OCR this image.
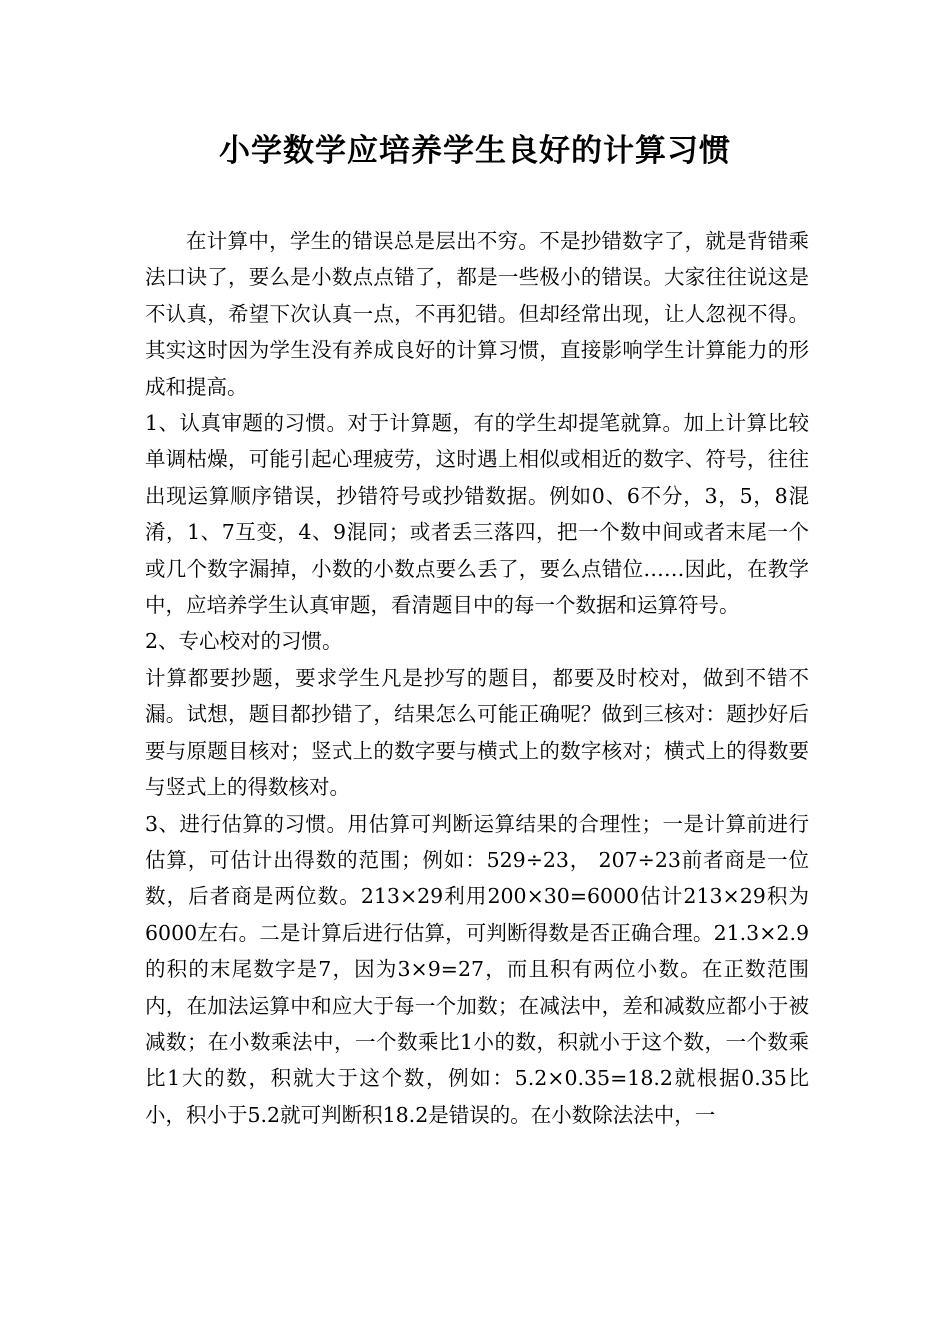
小学数学应培养学生良好的计算习惯

在计算中，学生的错误总是层出不穷。不是抄错数字了，就是背错乘法口诀了，要么是小数点点错了，都是一些极小的错误。大家往往说这是不认真，希望下次认真一点，不再犯错。但却经常出现，让人忽视不得。其实这时因为学生没有养成良好的计算习惯，直接影响学生计算能力的形成和提高。

1、认真审题的习惯。对于计算题，有的学生却提笔就算。加上计算比较单调枯燥，可能引起心理疲劳，这时遇上相似或相近的数字、符号，往往出现运算顺序错误，抄错符号或抄错数据。例如0、6不分，3，5，8混淆，1、7互变，4、9混同；或者丢三落四，把一个数中间或者末尾一个或几个数字漏掉，小数的小数点要么丢了，要么点错位……因此，在教学中，应培养学生认真审题，看清题目中的每一个数据和运算符号。

2、专心校对的习惯。

计算都要抄题，要求学生凡是抄写的题目，都要及时校对，做到不错不漏。试想，题目都抄错了，结果怎么可能正确呢？做到三核对：题抄好后要与原题目核对；竖式上的数字要与横式上的数字核对；横式上的得数要与竖式上的得数核对。

3、进行估算的习惯。用估算可判断运算结果的合理性；一是计算前进行估算，可估计出得数的范围；例如：529÷23， 207÷23前者商是一位数，后者商是两位数。213×29利用200×30=6000估计213×29积为6000左右。二是计算后进行估算，可判断得数是否正确合理。21.3×2.9的积的末尾数字是7，因为3×9=27，而且积有两位小数。在正数范围内，在加法运算中和应大于每一个加数；在减法中，差和减数应都小于被减数；在小数乘法中，一个数乘比1小的数，积就小于这个数，一个数乘比1大的数，积就大于这个数，例如：5.2×0.35=18.2就根据0.35比小，积小于5.2就可判断积18.2是错误的。在小数除法法中，一
